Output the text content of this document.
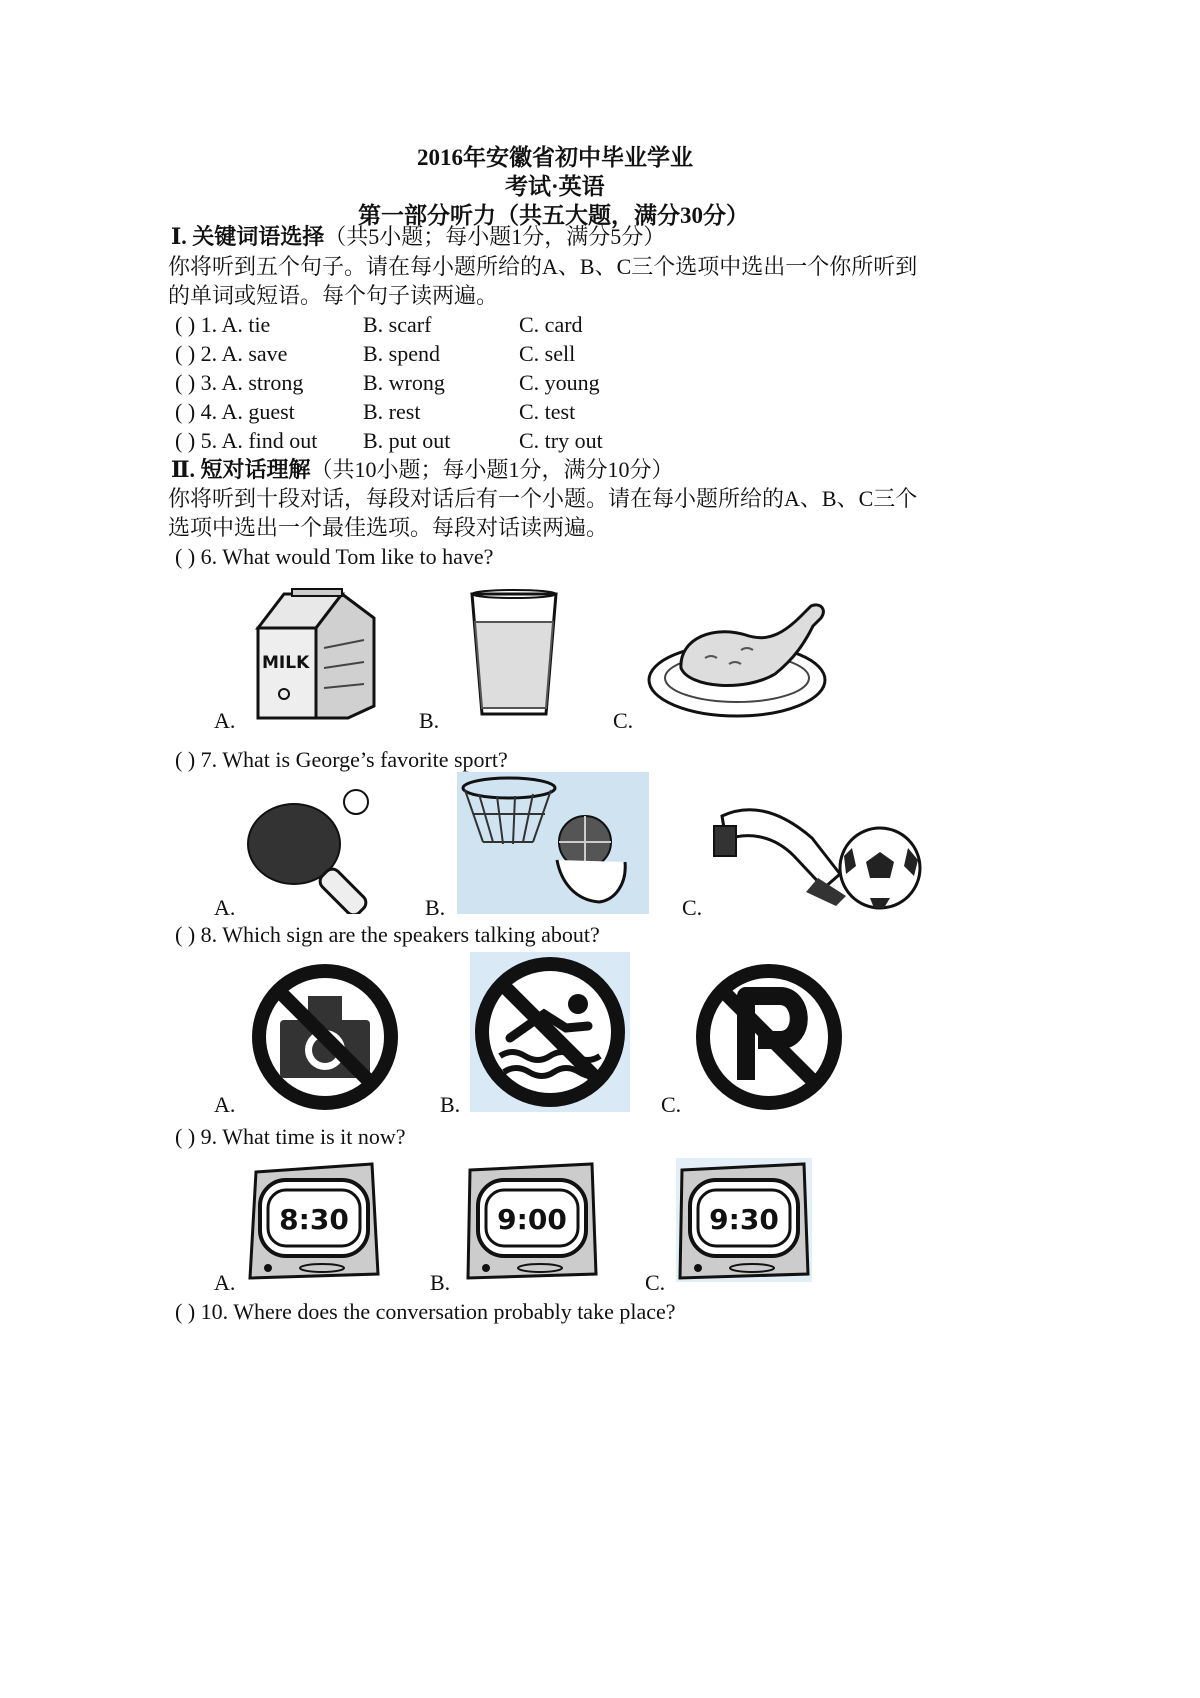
2016年安徽省初中毕业学业
考试·英语
第一部分听力（共五大题，满分30分）
Ⅰ. 关键词语选择（共5小题；每小题1分，满分5分）
你将听到五个句子。请在每小题所给的A、B、C三个选项中选出一个你所听到
的单词或短语。每个句子读两遍。
( ) 1. A. tie	B. scarf	C. card
( ) 2. A. save	B. spend	C. sell
( ) 3. A. strong	B. wrong	C. young
( ) 4. A. guest	B. rest	C. test
( ) 5. A. find out B. put out	C. try out
Ⅱ. 短对话理解（共10小题；每小题1分，满分10分）
你将听到十段对话，每段对话后有一个小题。请在每小题所给的A、B、C三个
选项中选出一个最佳选项。每段对话读两遍。
( ) 6. What would Tom like to have?
MILK
A.	B.	C.
( ) 7. What is George’s favorite sport?
A.	B.	C.
( ) 8. Which sign are the speakers talking about?
A.	B.	C.
( ) 9. What time is it now?
8:30
A.
9:00
B.
9:30
C.
( ) 10. Where does the conversation probably take place?
